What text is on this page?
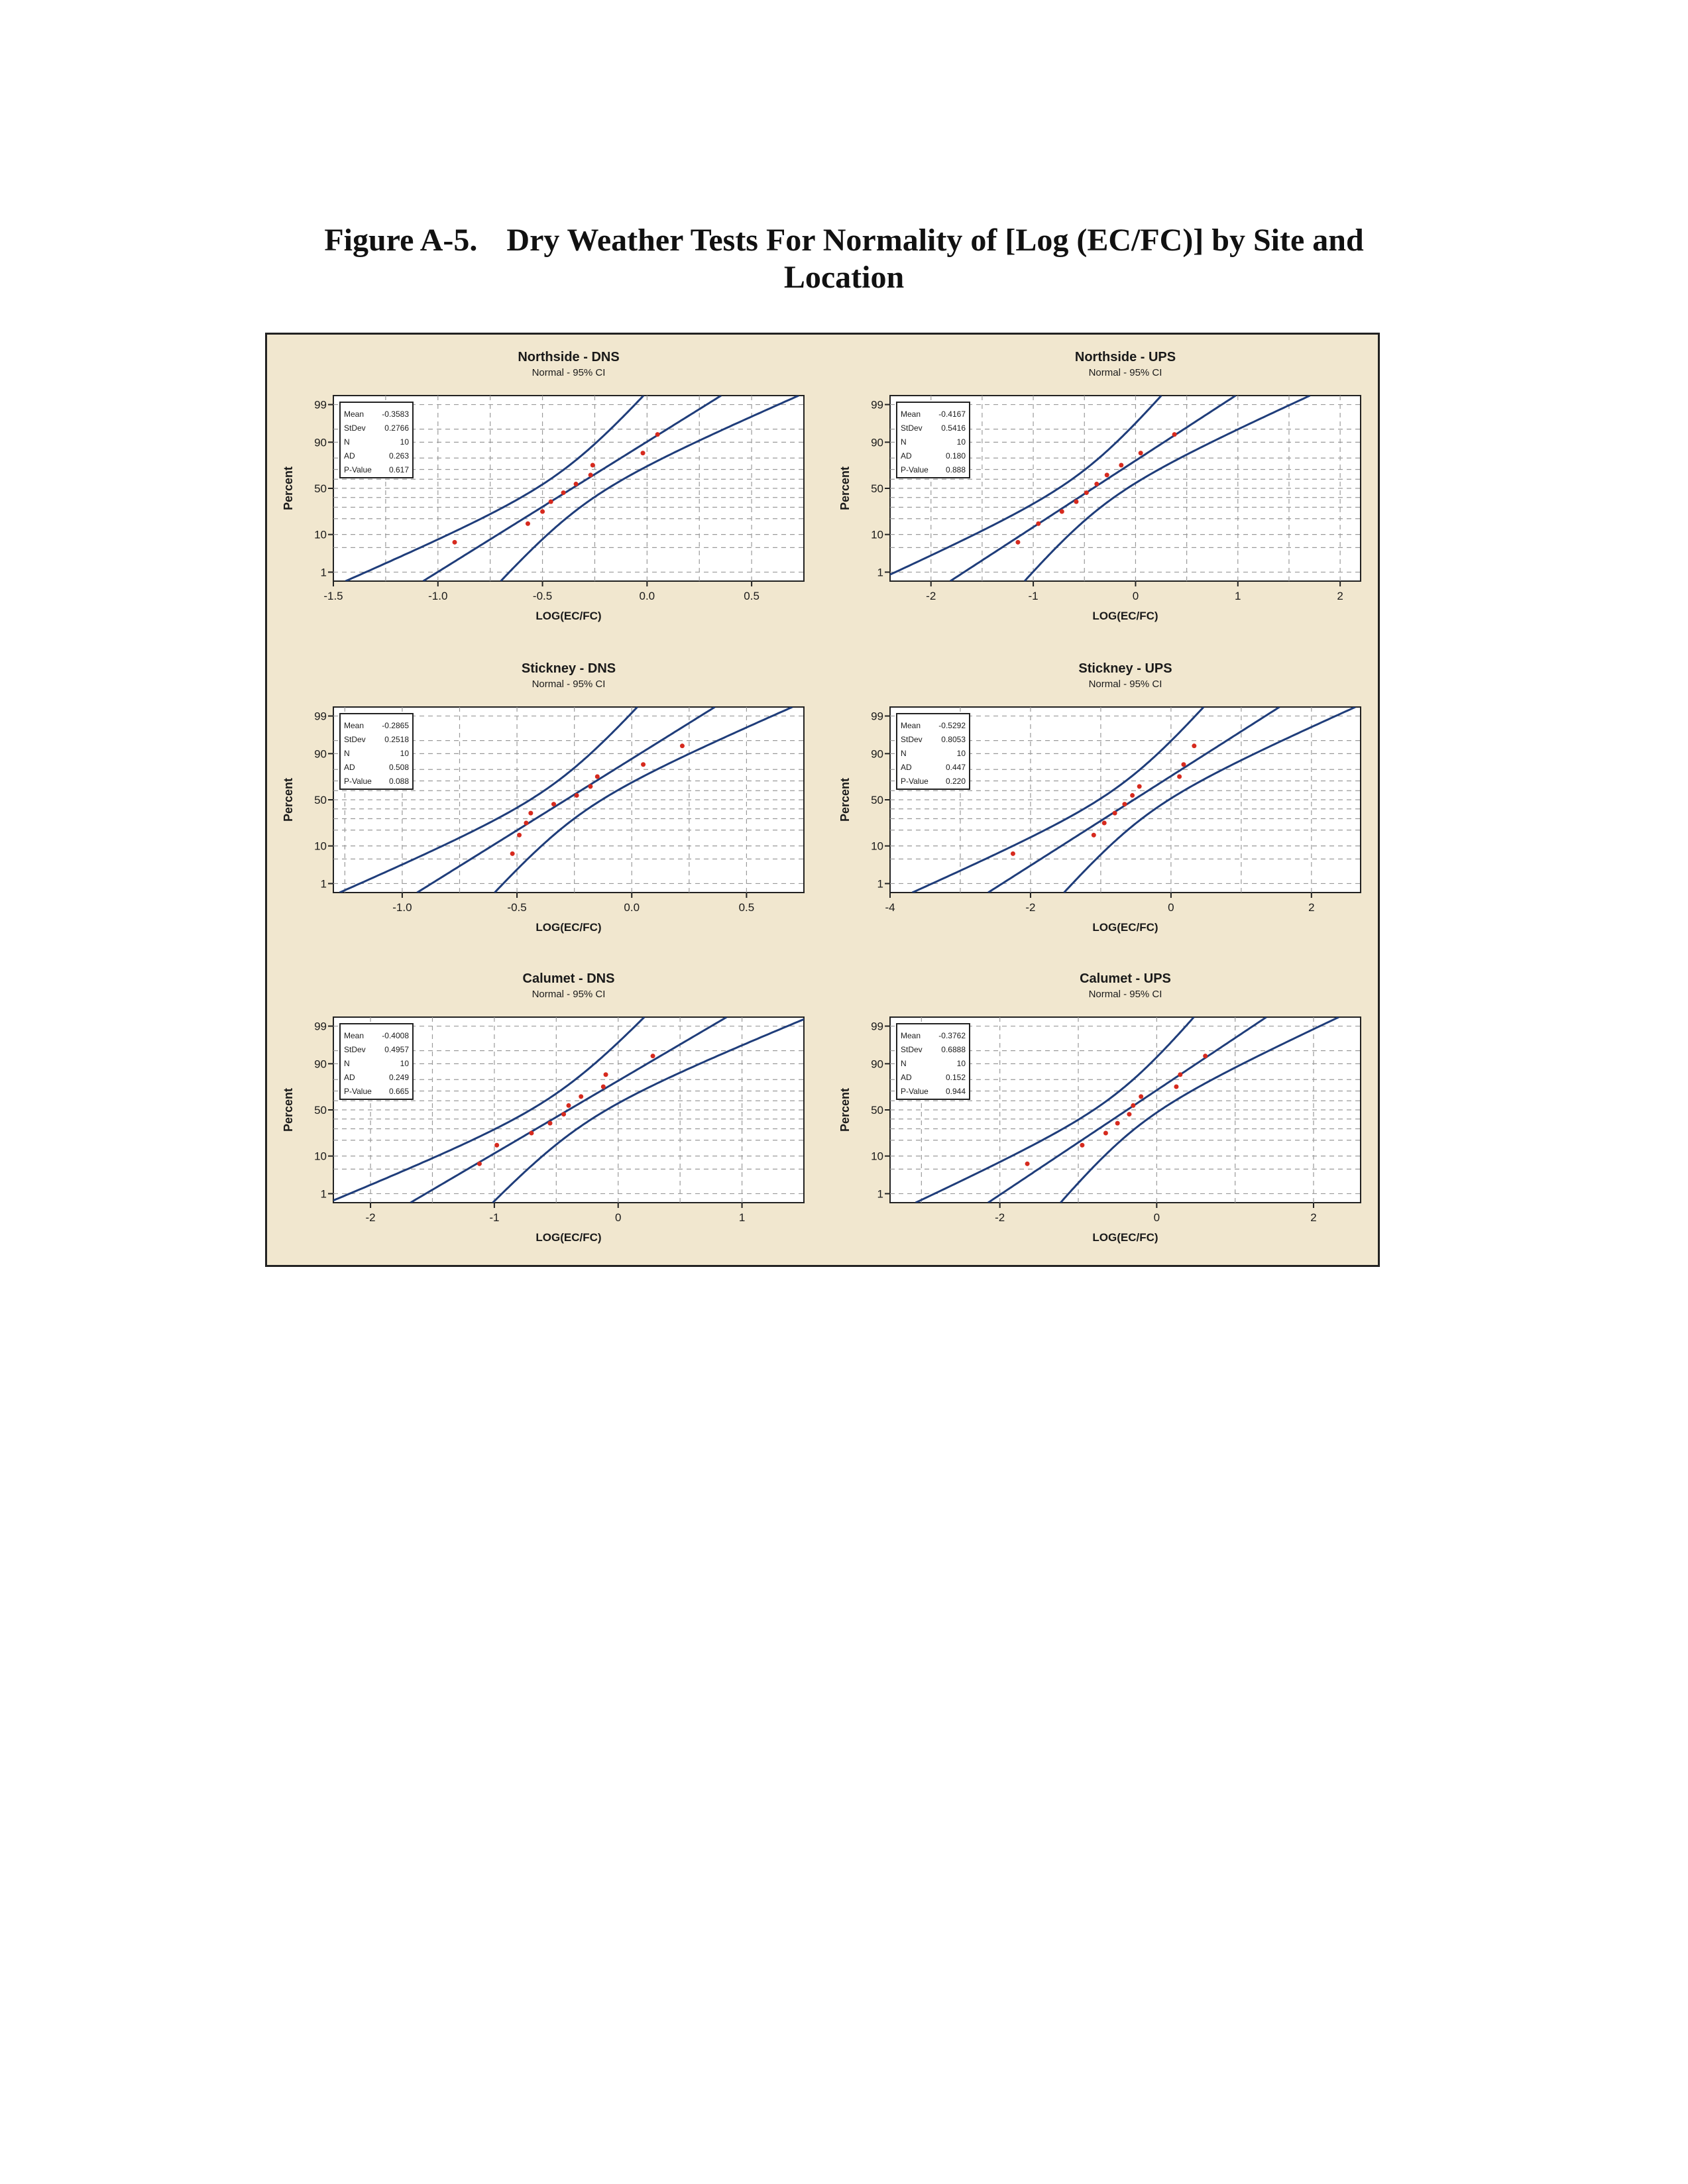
Figure A-5. Dry Weather Tests For Normality of [Log (EC/FC)] by Site and
Location
Northside - DNS
Normal - 95% CI
1
10
50
90
99
-1.5	-1.0	-0.5	0.0	0.5
LOG(EC/FC)
Percent
Mean -0.3583
StDev 0.2766
N	10
AD	0.263
P-Value 0.617
Northside - UPS
Normal - 95% CI
1
10
50
90
99
-2	-1	0	1	2
LOG(EC/FC)
Percent
Mean -0.4167
StDev 0.5416
N	10
AD	0.180
P-Value 0.888
Stickney - DNS
Normal - 95% CI
1
10
50
90
99
-1.0	-0.5	0.0	0.5
LOG(EC/FC)
Percent
Mean -0.2865
StDev 0.2518
N	10
AD	0.508
P-Value 0.088
Stickney - UPS
Normal - 95% CI
1
10
50
90
99
-4	-2	0	2
LOG(EC/FC)
Percent
Mean -0.5292
StDev 0.8053
N	10
AD	0.447
P-Value 0.220
Calumet - DNS
Normal - 95% CI
1
10
50
90
99
-2	-1	0	1
LOG(EC/FC)
Percent
Mean -0.4008
StDev 0.4957
N	10
AD	0.249
P-Value 0.665
Calumet - UPS
Normal - 95% CI
1
10
50
90
99
-2	0	2
LOG(EC/FC)
Percent
Mean -0.3762
StDev 0.6888
N	10
AD	0.152
P-Value 0.944
